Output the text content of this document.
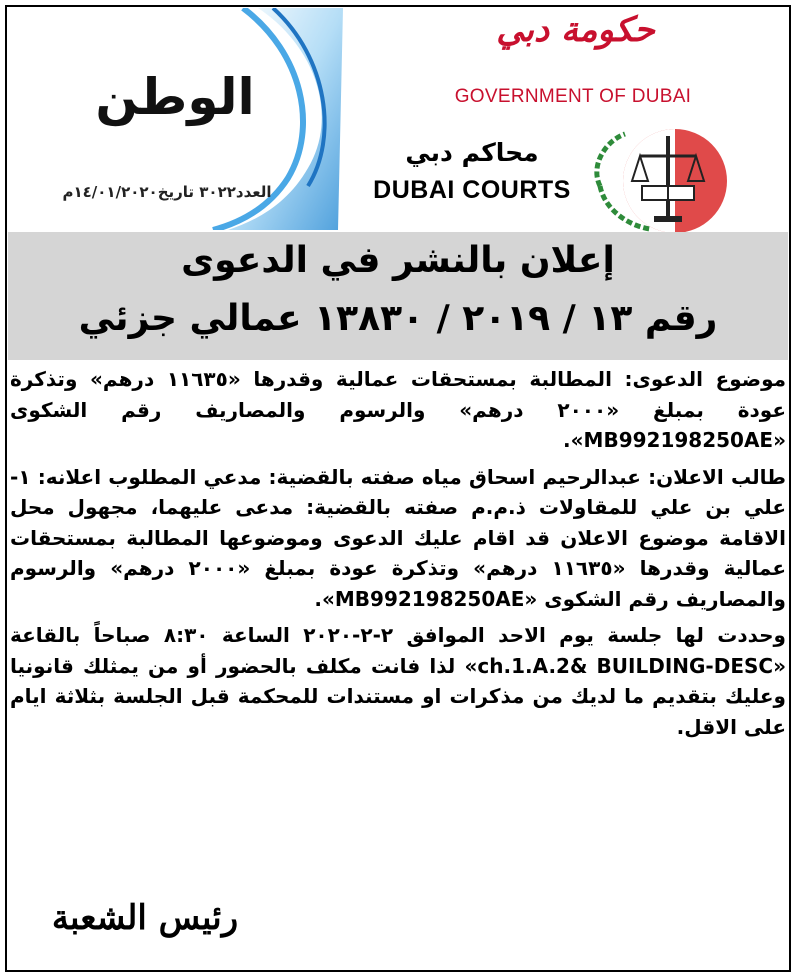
الوطن
العدد٣٠٢٢ تاريخ١٤/٠١/٢٠٢٠م
حكومة دبي
GOVERNMENT OF DUBAI
محاكم دبي
DUBAI COURTS
إعلان بالنشر في الدعوى
رقم ١٣ / ٢٠١٩ / ١٣٨٣٠ عمالي جزئي

موضوع الدعوى: المطالبة بمستحقات عمالية وقدرها «١١٦٣٥ درهم» وتذكرة عودة بمبلغ «٢٠٠٠ درهم» والرسوم والمصاريف رقم الشكوى «MB992198250AE».

طالب الاعلان: عبدالرحيم اسحاق مياه صفته بالقضية: مدعي المطلوب اعلانه: ١- علي بن علي للمقاولات ذ.م.م صفته بالقضية: مدعى عليهما، مجهول محل الاقامة موضوع الاعلان قد اقام عليك الدعوى وموضوعها المطالبة بمستحقات عمالية وقدرها «١١٦٣٥ درهم» وتذكرة عودة بمبلغ «٢٠٠٠ درهم» والرسوم والمصاريف رقم الشكوى «MB992198250AE».

وحددت لها جلسة يوم الاحد الموافق ٢-٢-٢٠٢٠ الساعة ٨:٣٠ صباحاً بالقاعة «ch.1.A.2& BUILDING-DESC» لذا فانت مكلف بالحضور أو من يمثلك قانونيا وعليك بتقديم ما لديك من مذكرات او مستندات للمحكمة قبل الجلسة بثلاثة ايام على الاقل.

رئيس الشعبة
